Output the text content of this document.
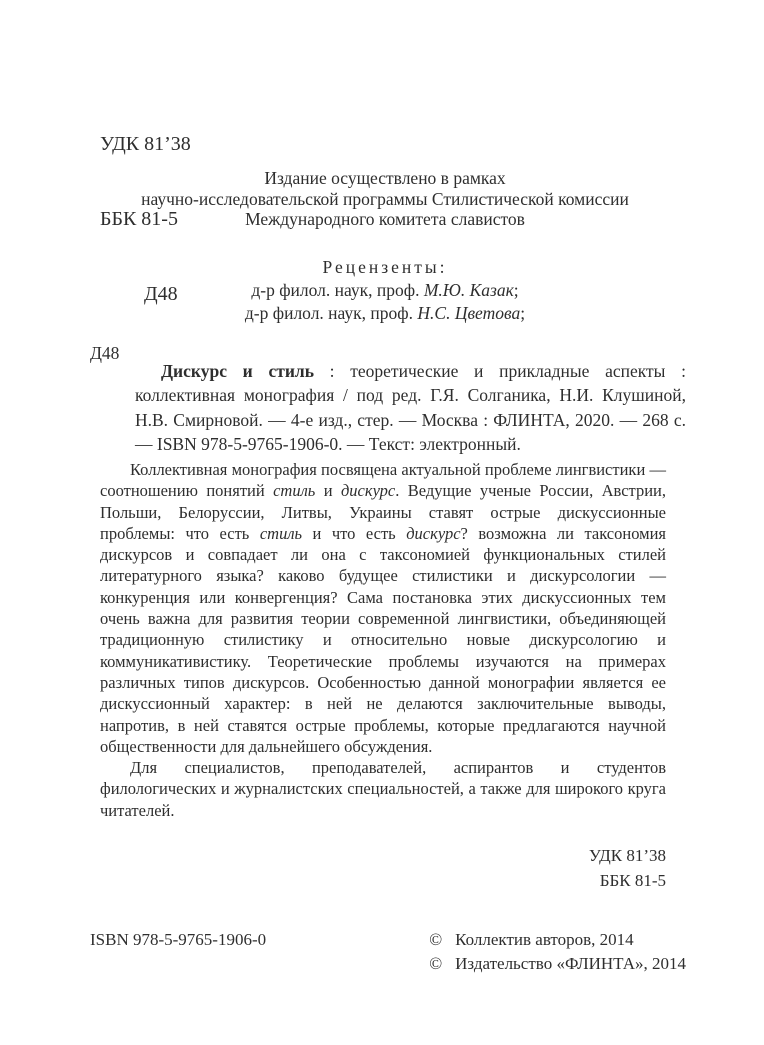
УДК 81’38

ББК 81-5

Д48

Издание осуществлено в рамках
научно-исследовательской программы Стилистической комиссии
Международного комитета славистов
Рецензенты:
д-р филол. наук, проф. М.Ю. Казак;
д-р филол. наук, проф. Н.С. Цветова;
Д48

Дискурс и стиль : теоретические и прикладные аспекты : коллективная монография / под ред. Г.Я. Солганика, Н.И. Клушиной, Н.В. Смирновой. — 4-е изд., стер. — Москва : ФЛИНТА, 2020. — 268 с. — ISBN 978-5-9765-1906-0. — Текст: электронный.

Коллективная монография посвящена актуальной проблеме лингвистики — соотношению понятий стиль и дискурс. Ведущие ученые России, Австрии, Польши, Белоруссии, Литвы, Украины ставят острые дискуссионные проблемы: что есть стиль и что есть дискурс? возможна ли таксономия дискурсов и совпадает ли она с таксономией функциональных стилей литературного языка? каково будущее стилистики и дискурсологии — конкуренция или конвергенция? Сама постановка этих дискуссионных тем очень важна для развития теории современной лингвистики, объединяющей традиционную стилистику и относительно новые дискурсологию и коммуникативистику. Теоретические проблемы изучаются на примерах различных типов дискурсов. Особенностью данной монографии является ее дискуссионный характер: в ней не делаются заключительные выводы, напротив, в ней ставятся острые проблемы, которые предлагаются научной общественности для дальнейшего обсуждения.
Для специалистов, преподавателей, аспирантов и студентов филологических и журналистских специальностей, а также для широкого круга читателей.
УДК 81’38
ББК 81-5
ISBN 978-5-9765-1906-0	© Коллектив авторов, 2014
© Издательство «ФЛИНТА», 2014
